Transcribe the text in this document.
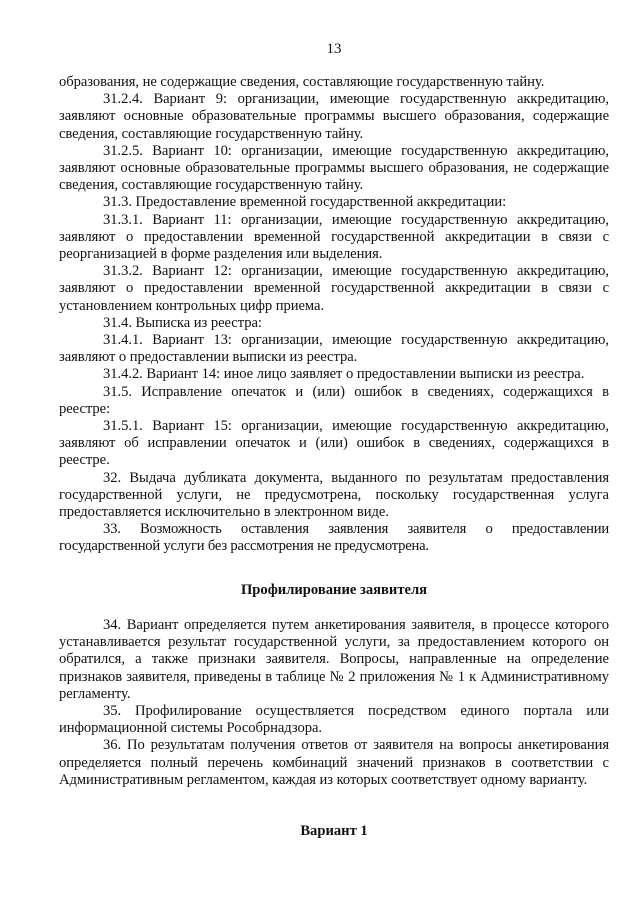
13

образования, не содержащие сведения, составляющие государственную тайну.

31.2.4. Вариант 9: организации, имеющие государственную аккредитацию, заявляют основные образовательные программы высшего образования, содержащие сведения, составляющие государственную тайну.

31.2.5. Вариант 10: организации, имеющие государственную аккредитацию, заявляют основные образовательные программы высшего образования, не содержащие сведения, составляющие государственную тайну.

31.3. Предоставление временной государственной аккредитации:

31.3.1. Вариант 11: организации, имеющие государственную аккредитацию, заявляют о предоставлении временной государственной аккредитации в связи с реорганизацией в форме разделения или выделения.

31.3.2. Вариант 12: организации, имеющие государственную аккредитацию, заявляют о предоставлении временной государственной аккредитации в связи с установлением контрольных цифр приема.

31.4. Выписка из реестра:

31.4.1. Вариант 13: организации, имеющие государственную аккредитацию, заявляют о предоставлении выписки из реестра.

31.4.2. Вариант 14: иное лицо заявляет о предоставлении выписки из реестра.

31.5. Исправление опечаток и (или) ошибок в сведениях, содержащихся в реестре:

31.5.1. Вариант 15: организации, имеющие государственную аккредитацию, заявляют об исправлении опечаток и (или) ошибок в сведениях, содержащихся в реестре.

32. Выдача дубликата документа, выданного по результатам предоставления государственной услуги, не предусмотрена, поскольку государственная услуга предоставляется исключительно в электронном виде.

33. Возможность оставления заявления заявителя о предоставлении государственной услуги без рассмотрения не предусмотрена.

Профилирование заявителя

34. Вариант определяется путем анкетирования заявителя, в процессе которого устанавливается результат государственной услуги, за предоставлением которого он обратился, а также признаки заявителя. Вопросы, направленные на определение признаков заявителя, приведены в таблице № 2 приложения № 1 к Административному регламенту.

35. Профилирование осуществляется посредством единого портала или информационной системы Рособрнадзора.

36. По результатам получения ответов от заявителя на вопросы анкетирования определяется полный перечень комбинаций значений признаков в соответствии с Административным регламентом, каждая из которых соответствует одному варианту.

Вариант 1
